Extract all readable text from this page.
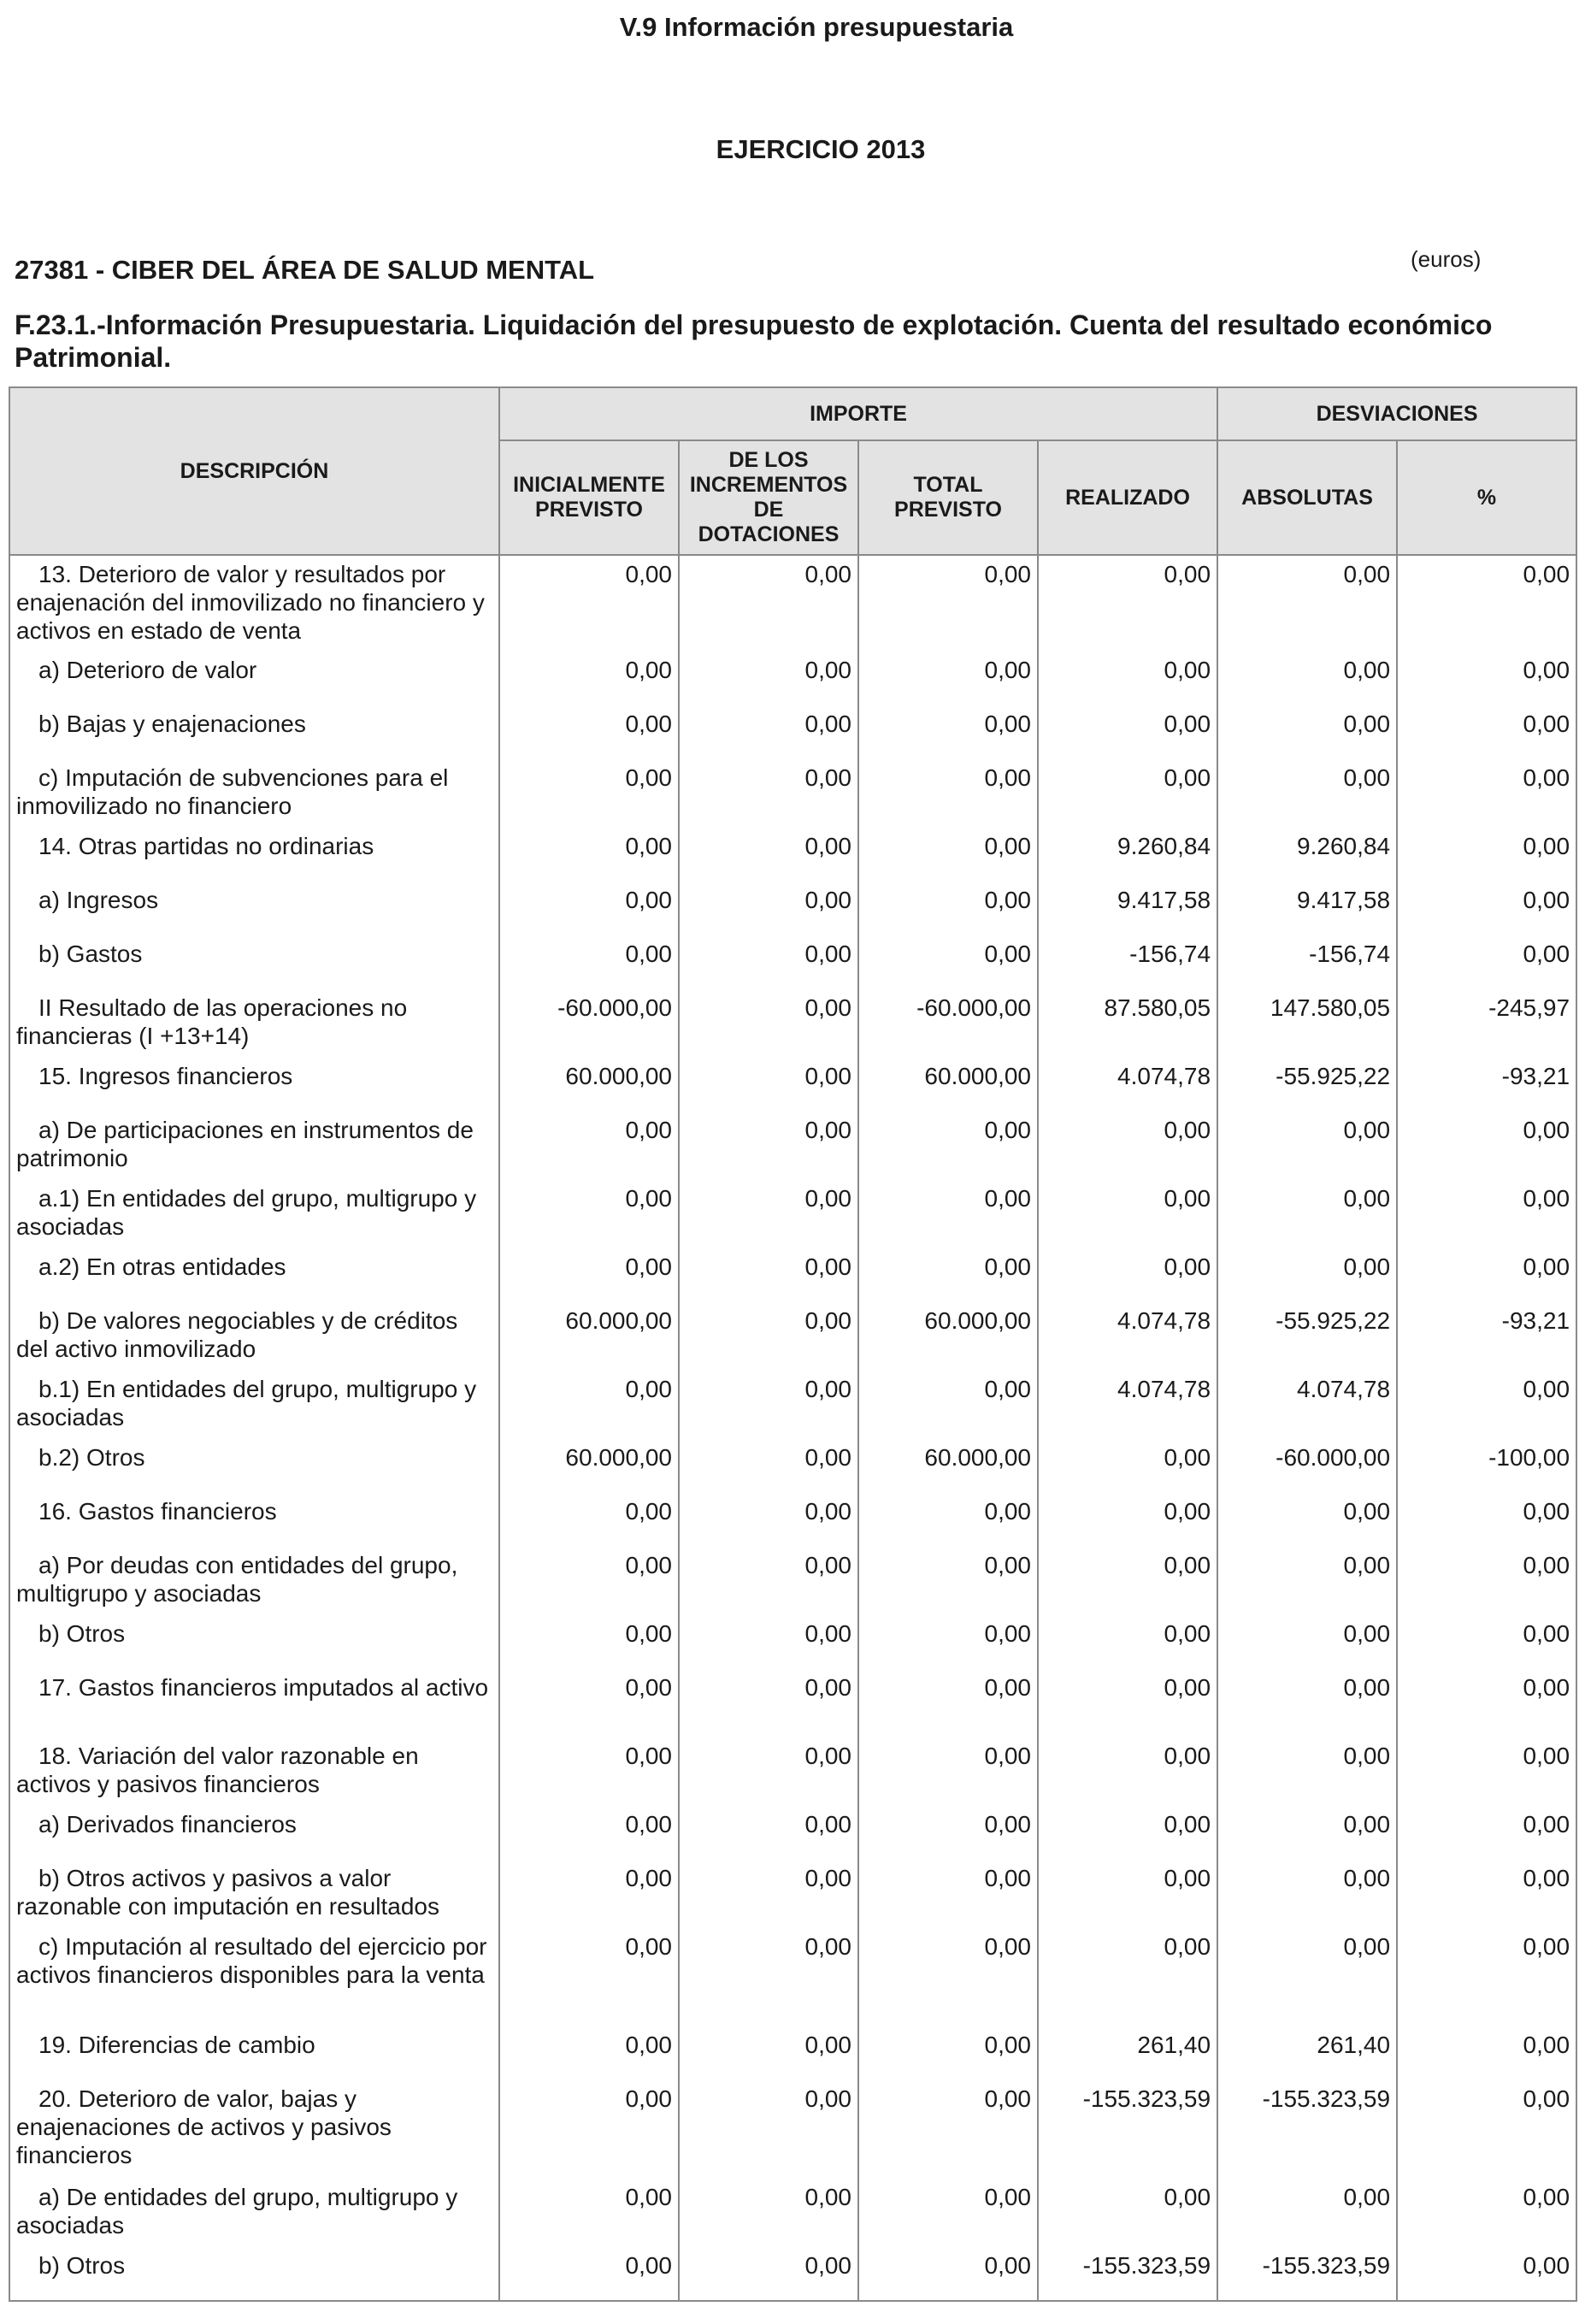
V.9 Información presupuestaria
EJERCICIO 2013
27381 - CIBER DEL ÁREA DE SALUD MENTAL	(euros)
F.23.1.-Información Presupuestaria. Liquidación del presupuesto de explotación. Cuenta del resultado económico Patrimonial.
DESCRIPCIÓN	IMPORTE				DESVIACIONES	
	INICIALMENTE PREVISTO	DE LOS INCREMENTOS DE DOTACIONES	TOTAL PREVISTO	REALIZADO	ABSOLUTAS	%
13. Deterioro de valor y resultados por enajenación del inmovilizado no financiero y activos en estado de venta	0,00	0,00	0,00	0,00	0,00	0,00
a) Deterioro de valor	0,00	0,00	0,00	0,00	0,00	0,00
b) Bajas y enajenaciones	0,00	0,00	0,00	0,00	0,00	0,00
c) Imputación de subvenciones para el inmovilizado no financiero	0,00	0,00	0,00	0,00	0,00	0,00
14. Otras partidas no ordinarias	0,00	0,00	0,00	9.260,84	9.260,84	0,00
a) Ingresos	0,00	0,00	0,00	9.417,58	9.417,58	0,00
b) Gastos	0,00	0,00	0,00	-156,74	-156,74	0,00
II Resultado de las operaciones no financieras (I +13+14)	-60.000,00	0,00	-60.000,00	87.580,05	147.580,05	-245,97
15. Ingresos financieros	60.000,00	0,00	60.000,00	4.074,78	-55.925,22	-93,21
a) De participaciones en instrumentos de patrimonio	0,00	0,00	0,00	0,00	0,00	0,00
a.1) En entidades del grupo, multigrupo y asociadas	0,00	0,00	0,00	0,00	0,00	0,00
a.2) En otras entidades	0,00	0,00	0,00	0,00	0,00	0,00
b) De valores negociables y de créditos del activo inmovilizado	60.000,00	0,00	60.000,00	4.074,78	-55.925,22	-93,21
b.1) En entidades del grupo, multigrupo y asociadas	0,00	0,00	0,00	4.074,78	4.074,78	0,00
b.2) Otros	60.000,00	0,00	60.000,00	0,00	-60.000,00	-100,00
16. Gastos financieros	0,00	0,00	0,00	0,00	0,00	0,00
a) Por deudas con entidades del grupo, multigrupo y asociadas	0,00	0,00	0,00	0,00	0,00	0,00
b) Otros	0,00	0,00	0,00	0,00	0,00	0,00
17. Gastos financieros imputados al activo	0,00	0,00	0,00	0,00	0,00	0,00
18. Variación del valor razonable en activos y pasivos financieros	0,00	0,00	0,00	0,00	0,00	0,00
a) Derivados financieros	0,00	0,00	0,00	0,00	0,00	0,00
b) Otros activos y pasivos a valor razonable con imputación en resultados	0,00	0,00	0,00	0,00	0,00	0,00
c) Imputación al resultado del ejercicio por activos financieros disponibles para la venta	0,00	0,00	0,00	0,00	0,00	0,00
19. Diferencias de cambio	0,00	0,00	0,00	261,40	261,40	0,00
20. Deterioro de valor, bajas y enajenaciones de activos y pasivos financieros	0,00	0,00	0,00	-155.323,59	-155.323,59	0,00
a) De entidades del grupo, multigrupo y asociadas	0,00	0,00	0,00	0,00	0,00	0,00
b) Otros	0,00	0,00	0,00	-155.323,59	-155.323,59	0,00
